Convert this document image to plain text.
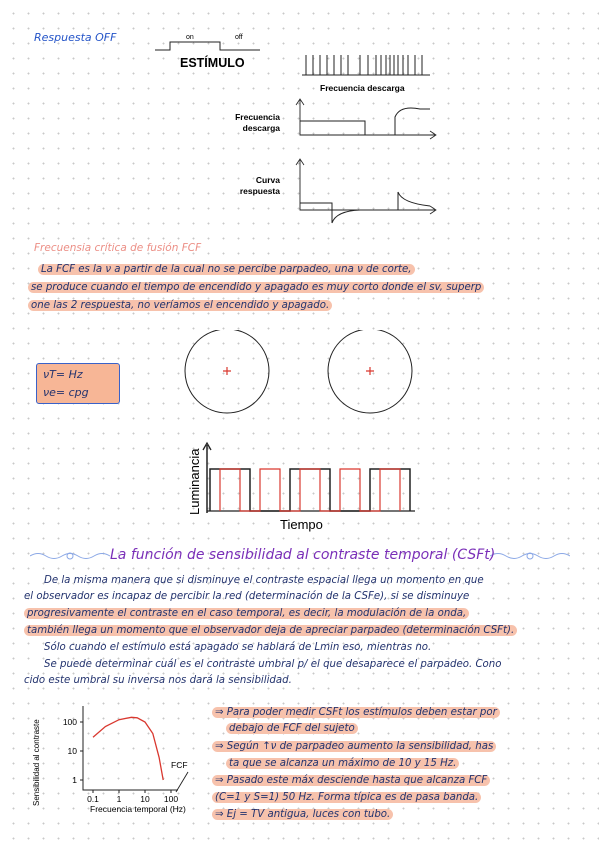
Respuesta OFF	on	off
ESTÍMULO
Frecuencia descarga
Frecuencia
descarga
Curva
respuesta
Frecuensia crítica de fusión FCF
La FCF es la ν a partir de la cual no se percibe parpadeo, una ν de corte,
se produce cuando el tiempo de encendido y apagado es muy corto donde el sv, superp
one las 2 respuesta, no veríamos el encendido y apagado.
νT= Hz
νe= cpg
Luminancia
Tiempo
La función de sensibilidad al contraste temporal (CSFt)
De la misma manera que si disminuye el contraste espacial llega un momento en que
el observador es incapaz de percibir la red (determinación de la CSFe), si se disminuye
progresivamente el contraste en el caso temporal, es decir, la modulación de la onda,
también llega un momento que el observador deja de apreciar parpadeo (determinación CSFt).
Sólo cuando el estímulo está apagado se hablará de Lmin eso, mientras no.
Se puede determinar cuál es el contraste umbral p/ el que desaparece el parpadeo. Cono
cido este umbral su inversa nos dará la sensibilidad.
Sensibilidad al contraste	1
10
100
0.1 1 10 100
FCF
Frecuencia temporal (Hz)
⇒ Para poder medir CSFt los estímulos deben estar por
debajo de FCF del sujeto
⇒ Según ↑ν de parpadeo aumento la sensibilidad, has
ta que se alcanza un máximo de 10 y 15 Hz.
⇒ Pasado este máx desciende hasta que alcanza FCF
(C=1 y S=1) 50 Hz. Forma típica es de pasa banda.
⇒ Ej = TV antigua, luces con tubo.
